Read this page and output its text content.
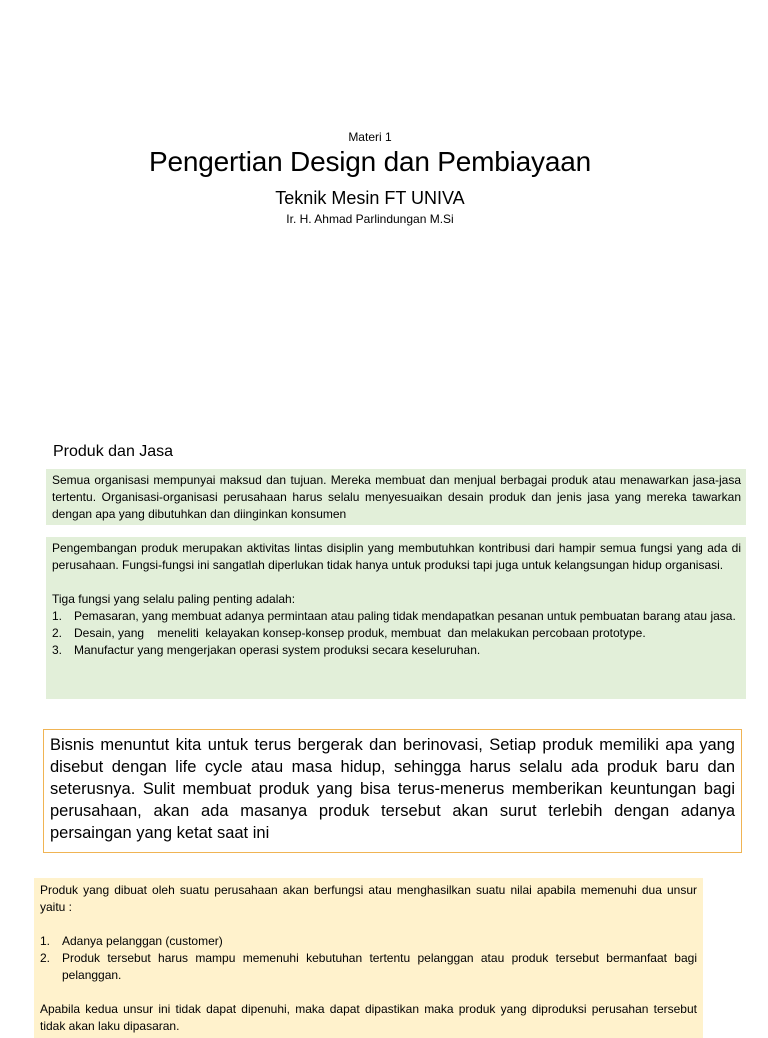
Materi 1
Pengertian Design dan Pembiayaan
Teknik Mesin FT UNIVA
Ir. H. Ahmad Parlindungan M.Si
Produk dan Jasa

Semua organisasi mempunyai maksud dan tujuan. Mereka membuat dan menjual berbagai produk atau menawarkan jasa-jasa tertentu. Organisasi-organisasi perusahaan harus selalu menyesuaikan desain produk dan jenis jasa yang mereka tawarkan dengan apa yang dibutuhkan dan diinginkan konsumen

Pengembangan produk merupakan aktivitas lintas disiplin yang membutuhkan kontribusi dari hampir semua fungsi yang ada di perusahaan. Fungsi-fungsi ini sangatlah diperlukan tidak hanya untuk produksi tapi juga untuk kelangsungan hidup organisasi.

Tiga fungsi yang selalu paling penting adalah:

1. Pemasaran, yang membuat adanya permintaan atau paling tidak mendapatkan pesanan untuk pembuatan barang atau jasa.
2. Desain, yang    meneliti  kelayakan konsep-konsep produk, membuat  dan melakukan percobaan prototype.
3. Manufactur yang mengerjakan operasi system produksi secara keseluruhan.
Bisnis menuntut kita untuk terus bergerak dan berinovasi, Setiap produk memiliki apa yang disebut dengan life cycle atau masa hidup, sehingga harus selalu ada produk baru dan seterusnya. Sulit membuat produk yang bisa terus-menerus memberikan keuntungan bagi perusahaan, akan ada masanya produk tersebut akan surut terlebih dengan adanya persaingan yang ketat saat ini

Produk yang dibuat oleh suatu perusahaan akan berfungsi atau menghasilkan suatu nilai apabila memenuhi dua unsur yaitu :

1. Adanya pelanggan (customer)
2. Produk tersebut harus mampu memenuhi kebutuhan tertentu pelanggan atau produk tersebut bermanfaat bagi pelanggan.

Apabila kedua unsur ini tidak dapat dipenuhi, maka dapat dipastikan maka produk yang diproduksi perusahan tersebut tidak akan laku dipasaran.
